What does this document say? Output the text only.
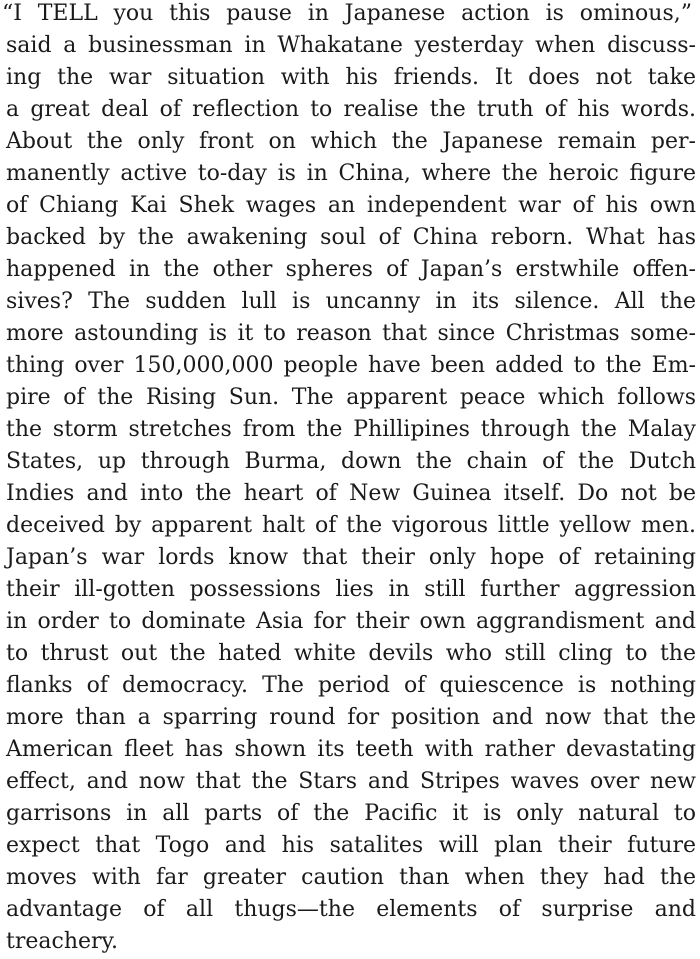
“I TELL you this pause in Japanese action is ominous,”
said a businessman in Whakatane yesterday when discuss-
ing the war situation with his friends. It does not take
a great deal of reflection to realise the truth of his words.
About the only front on which the Japanese remain per-
manently active to-day is in China, where the heroic figure
of Chiang Kai Shek wages an independent war of his own
backed by the awakening soul of China reborn. What has
happened in the other spheres of Japan’s erstwhile offen-
sives? The sudden lull is uncanny in its silence. All the
more astounding is it to reason that since Christmas some-
thing over 150,000,000 people have been added to the Em-
pire of the Rising Sun. The apparent peace which follows
the storm stretches from the Phillipines through the Malay
States, up through Burma, down the chain of the Dutch
Indies and into the heart of New Guinea itself. Do not be
deceived by apparent halt of the vigorous little yellow men.
Japan’s war lords know that their only hope of retaining
their ill-gotten possessions lies in still further aggression
in order to dominate Asia for their own aggrandisment and
to thrust out the hated white devils who still cling to the
flanks of democracy. The period of quiescence is nothing
more than a sparring round for position and now that the
American fleet has shown its teeth with rather devastating
effect, and now that the Stars and Stripes waves over new
garrisons in all parts of the Pacific it is only natural to
expect that Togo and his satalites will plan their future
moves with far greater caution than when they had the
advantage of all thugs—the elements of surprise and
treachery.
